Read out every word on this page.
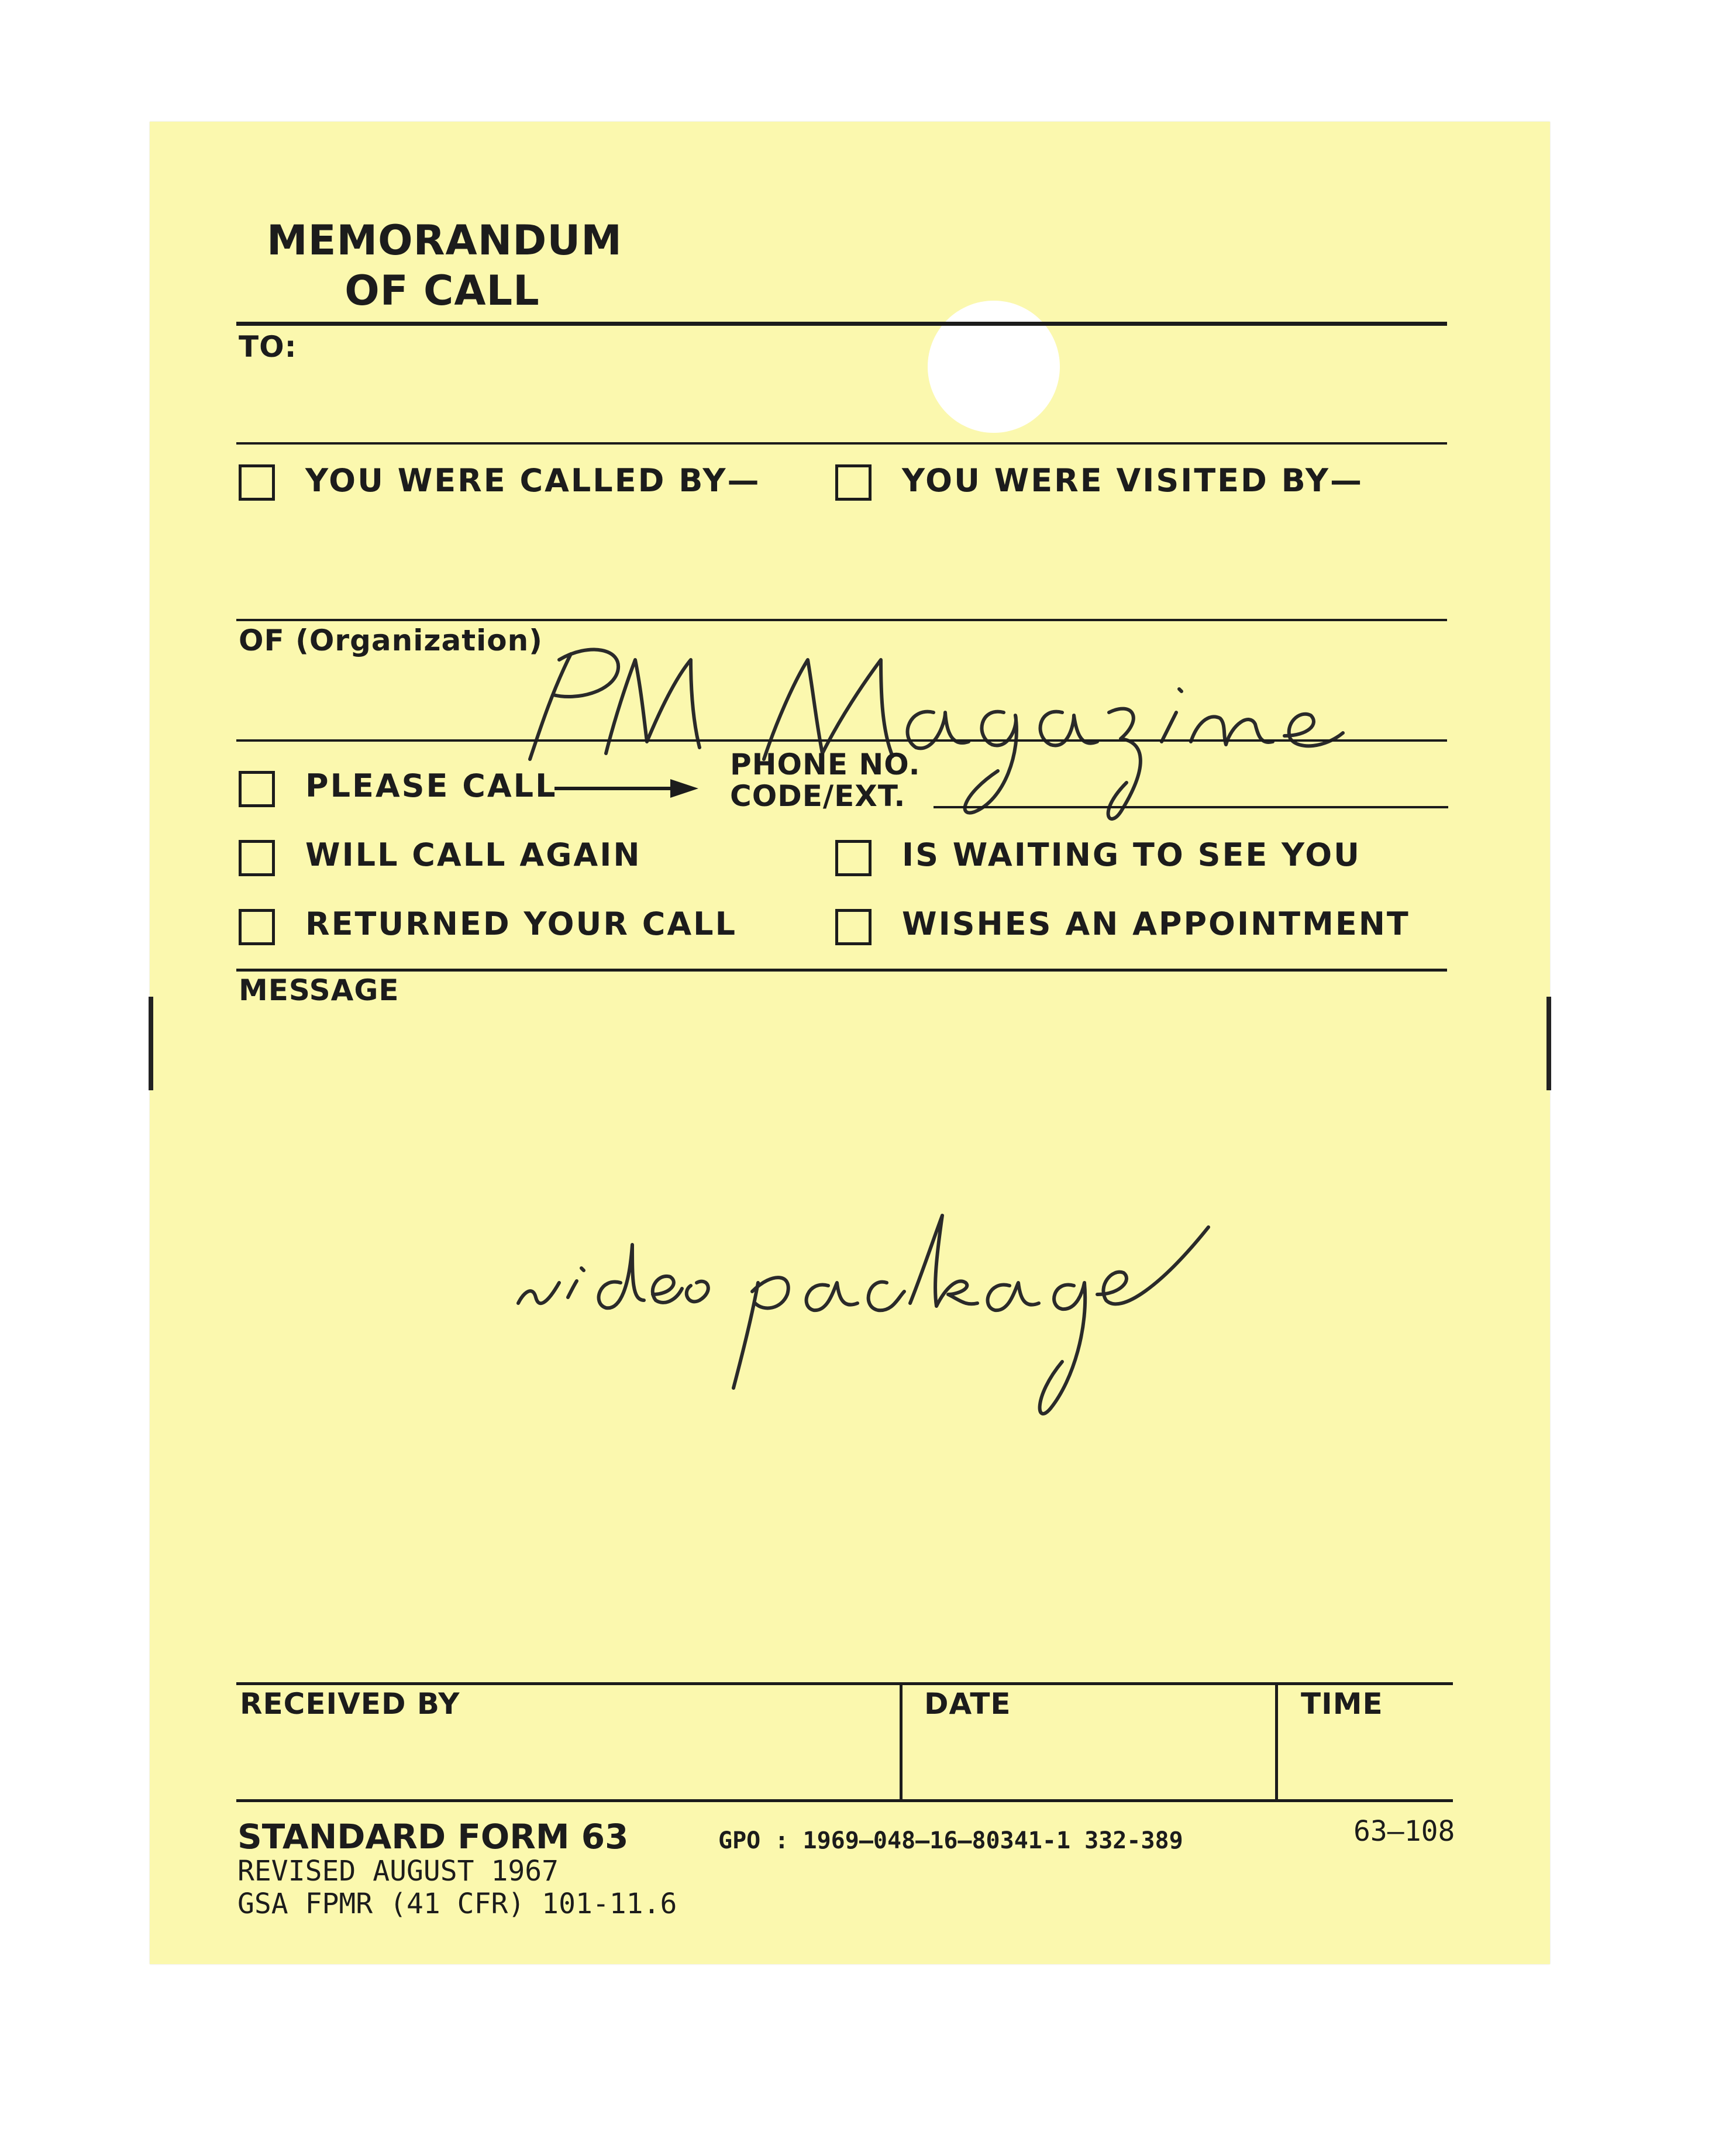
MEMORANDUM
OF CALL
TO:
YOU WERE CALLED BY—	YOU WERE VISITED BY—
OF (Organization)
PLEASE CALL
PHONE NO.
CODE/EXT.
WILL CALL AGAIN	IS WAITING TO SEE YOU
RETURNED YOUR CALL	WISHES AN APPOINTMENT
MESSAGE
RECEIVED BY	DATE	TIME
STANDARD FORM 63
REVISED AUGUST 1967
GSA FPMR (41 CFR) 101-11.6
GPO : 1969—048—16—80341-1 332-389	63–108
